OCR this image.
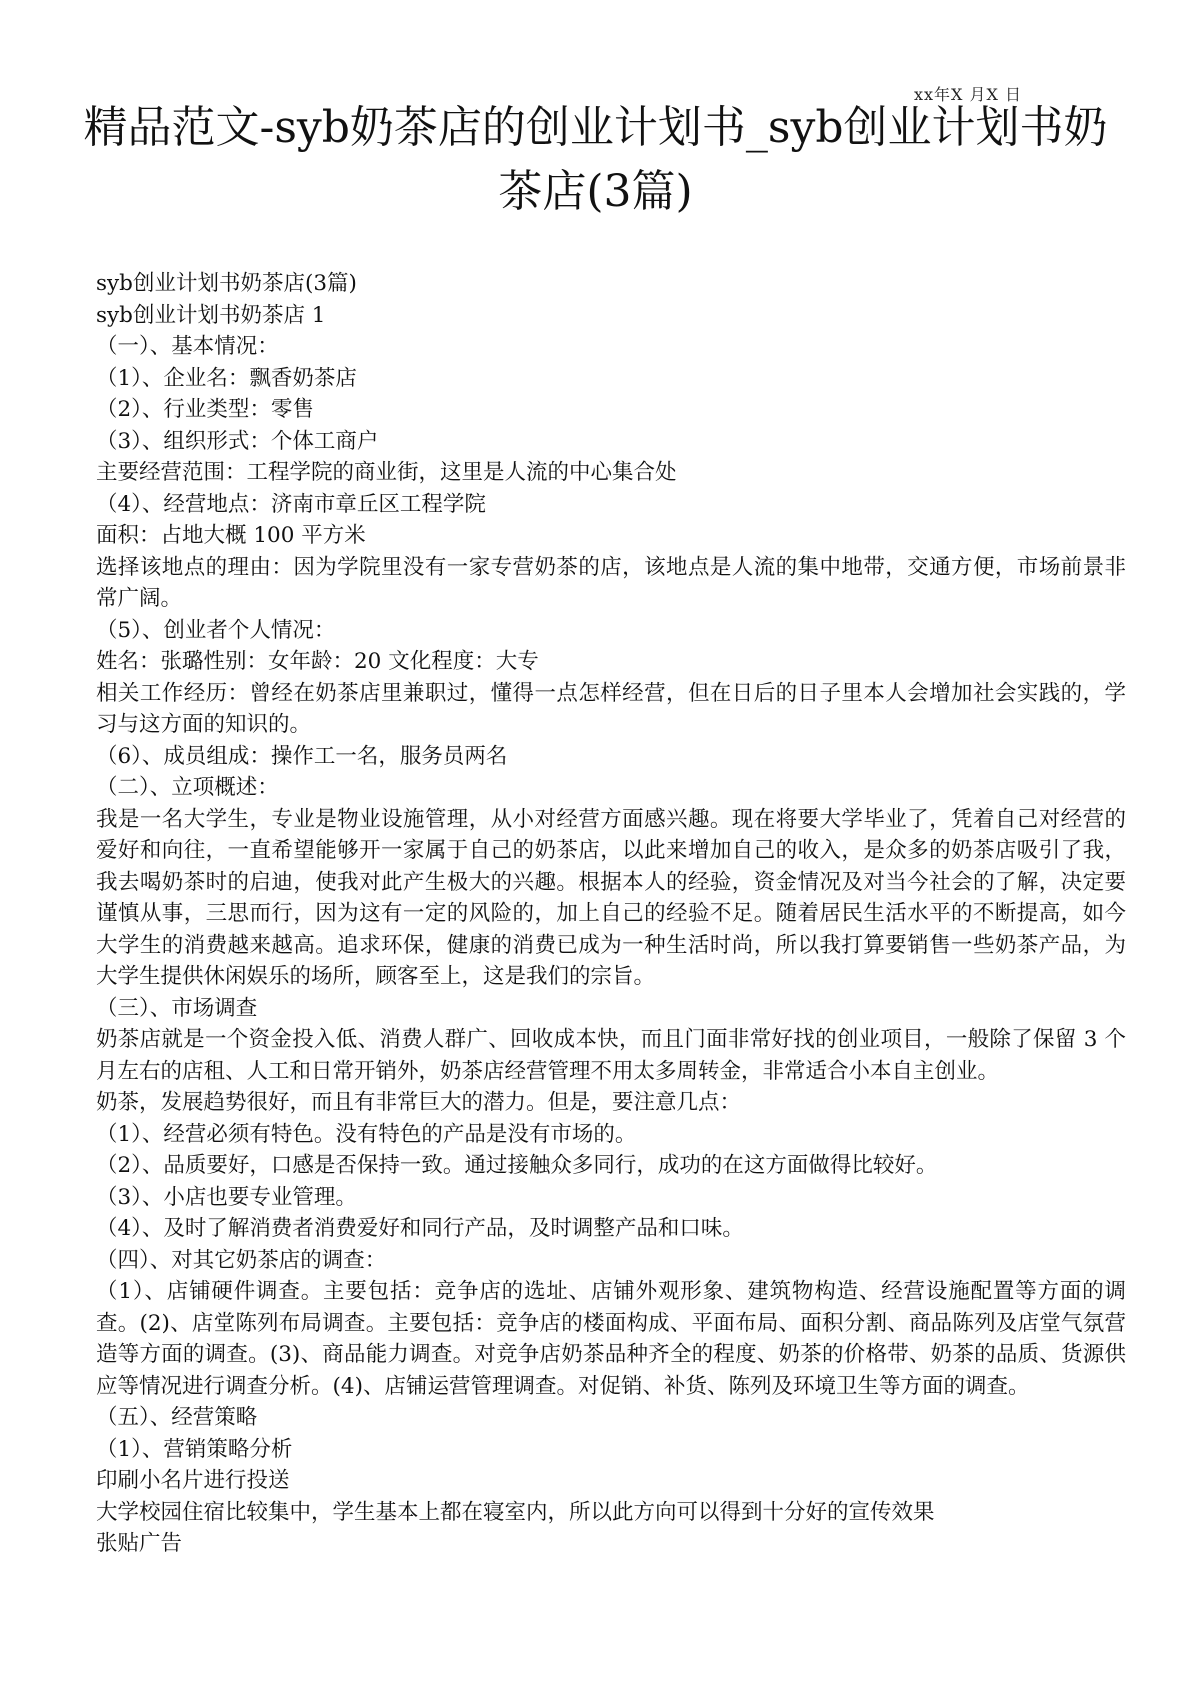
xx年X 月X 日
精品范文-syb奶茶店的创业计划书_syb创业计划书奶茶店(3篇)

syb创业计划书奶茶店(3篇)

syb创业计划书奶茶店 1

（一）、基本情况：

（1）、企业名：飘香奶茶店

（2）、行业类型：零售

（3）、组织形式：个体工商户

主要经营范围：工程学院的商业街，这里是人流的中心集合处

（4）、经营地点：济南市章丘区工程学院

面积：占地大概 100 平方米

选择该地点的理由：因为学院里没有一家专营奶茶的店，该地点是人流的集中地带，交通方便，市场前景非常广阔。

（5）、创业者个人情况：

姓名：张璐性别：女年龄：20 文化程度：大专

相关工作经历：曾经在奶茶店里兼职过，懂得一点怎样经营，但在日后的日子里本人会增加社会实践的，学习与这方面的知识的。

（6）、成员组成：操作工一名，服务员两名

（二）、立项概述：

我是一名大学生，专业是物业设施管理，从小对经营方面感兴趣。现在将要大学毕业了，凭着自己对经营的爱好和向往，一直希望能够开一家属于自己的奶茶店，以此来增加自己的收入，是众多的奶茶店吸引了我，我去喝奶茶时的启迪，使我对此产生极大的兴趣。根据本人的经验，资金情况及对当今社会的了解，决定要谨慎从事，三思而行，因为这有一定的风险的，加上自己的经验不足。随着居民生活水平的不断提高，如今大学生的消费越来越高。追求环保，健康的消费已成为一种生活时尚，所以我打算要销售一些奶茶产品，为大学生提供休闲娱乐的场所，顾客至上，这是我们的宗旨。

（三）、市场调查

奶茶店就是一个资金投入低、消费人群广、回收成本快，而且门面非常好找的创业项目，一般除了保留 3 个月左右的店租、人工和日常开销外，奶茶店经营管理不用太多周转金，非常适合小本自主创业。

奶茶，发展趋势很好，而且有非常巨大的潜力。但是，要注意几点：

（1）、经营必须有特色。没有特色的产品是没有市场的。

（2）、品质要好，口感是否保持一致。通过接触众多同行，成功的在这方面做得比较好。

（3）、小店也要专业管理。

（4）、及时了解消费者消费爱好和同行产品，及时调整产品和口味。

（四）、对其它奶茶店的调查：

（1）、店铺硬件调查。主要包括：竞争店的选址、店铺外观形象、建筑物构造、经营设施配置等方面的调查。(2)、店堂陈列布局调查。主要包括：竞争店的楼面构成、平面布局、面积分割、商品陈列及店堂气氛营造等方面的调查。(3)、商品能力调查。对竞争店奶茶品种齐全的程度、奶茶的价格带、奶茶的品质、货源供应等情况进行调查分析。(4)、店铺运营管理调查。对促销、补货、陈列及环境卫生等方面的调查。

（五）、经营策略

（1）、营销策略分析

印刷小名片进行投送

大学校园住宿比较集中，学生基本上都在寝室内，所以此方向可以得到十分好的宣传效果

张贴广告
